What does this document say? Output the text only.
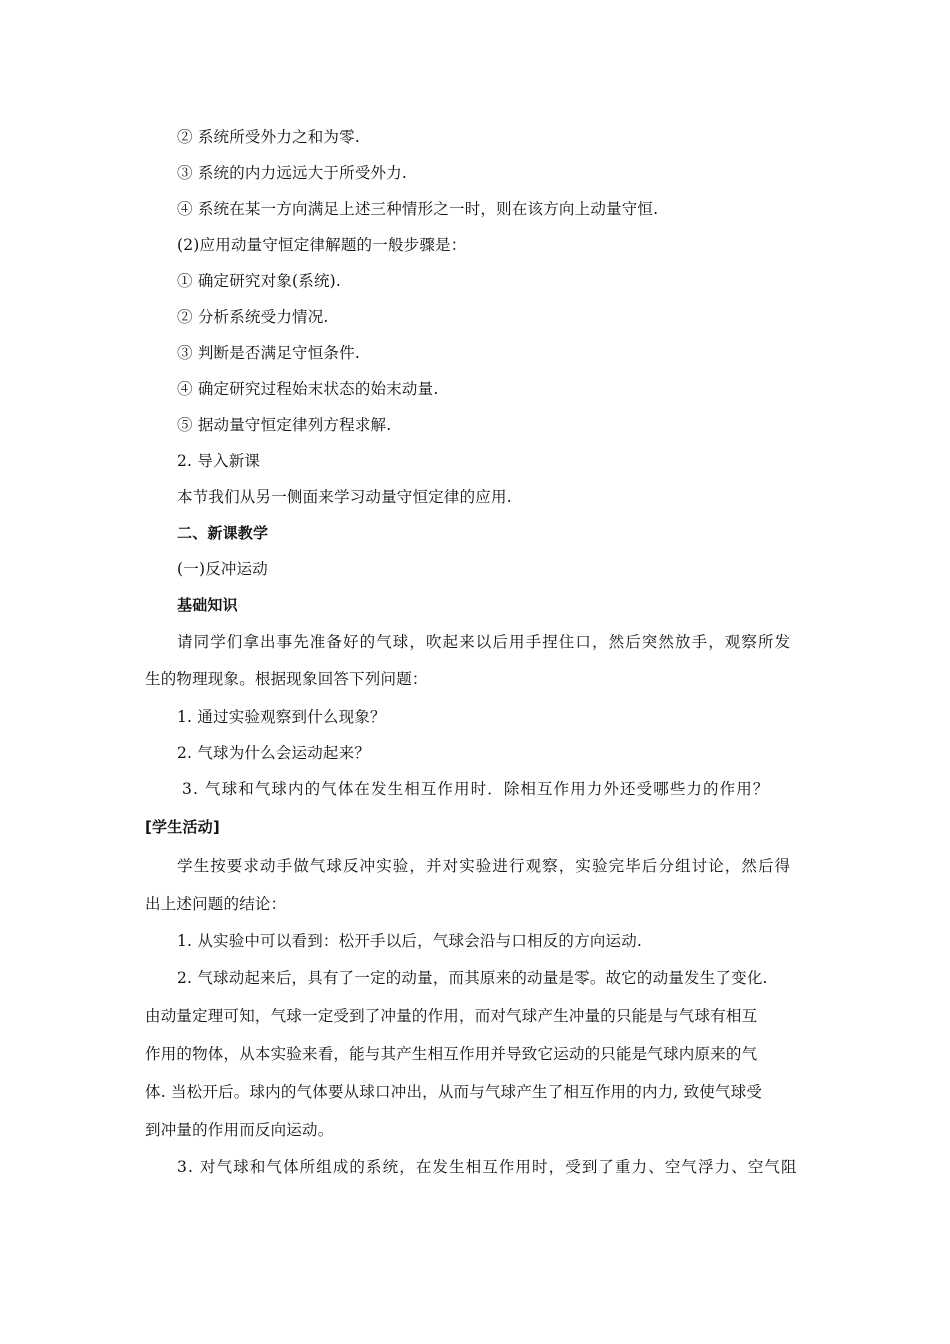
② 系统所受外力之和为零.
③ 系统的内力远远大于所受外力.
④ 系统在某一方向满足上述三种情形之一时，则在该方向上动量守恒.
(2)应用动量守恒定律解题的一般步骤是：
① 确定研究对象(系统).
② 分析系统受力情况.
③ 判断是否满足守恒条件.
④ 确定研究过程始末状态的始末动量.
⑤ 据动量守恒定律列方程求解.
2. 导入新课
本节我们从另一侧面来学习动量守恒定律的应用.
二、新课教学
(一)反冲运动
基础知识
请同学们拿出事先准备好的气球，吹起来以后用手捏住口，然后突然放手，观察所发
生的物理现象。根据现象回答下列问题：
1. 通过实验观察到什么现象？
2. 气球为什么会运动起来？
3. 气球和气球内的气体在发生相互作用时．除相互作用力外还受哪些力的作用？
[学生活动]
学生按要求动手做气球反冲实验，并对实验进行观察，实验完毕后分组讨论，然后得
出上述问题的结论：
1. 从实验中可以看到：松开手以后，气球会沿与口相反的方向运动.
2. 气球动起来后，具有了一定的动量，而其原来的动量是零。故它的动量发生了变化.
由动量定理可知，气球一定受到了冲量的作用，而对气球产生冲量的只能是与气球有相互
作用的物体，从本实验来看，能与其产生相互作用并导致它运动的只能是气球内原来的气
体. 当松开后。球内的气体要从球口冲出，从而与气球产生了相互作用的内力, 致使气球受
到冲量的作用而反向运动。
3. 对气球和气体所组成的系统，在发生相互作用时，受到了重力、空气浮力、空气阻
